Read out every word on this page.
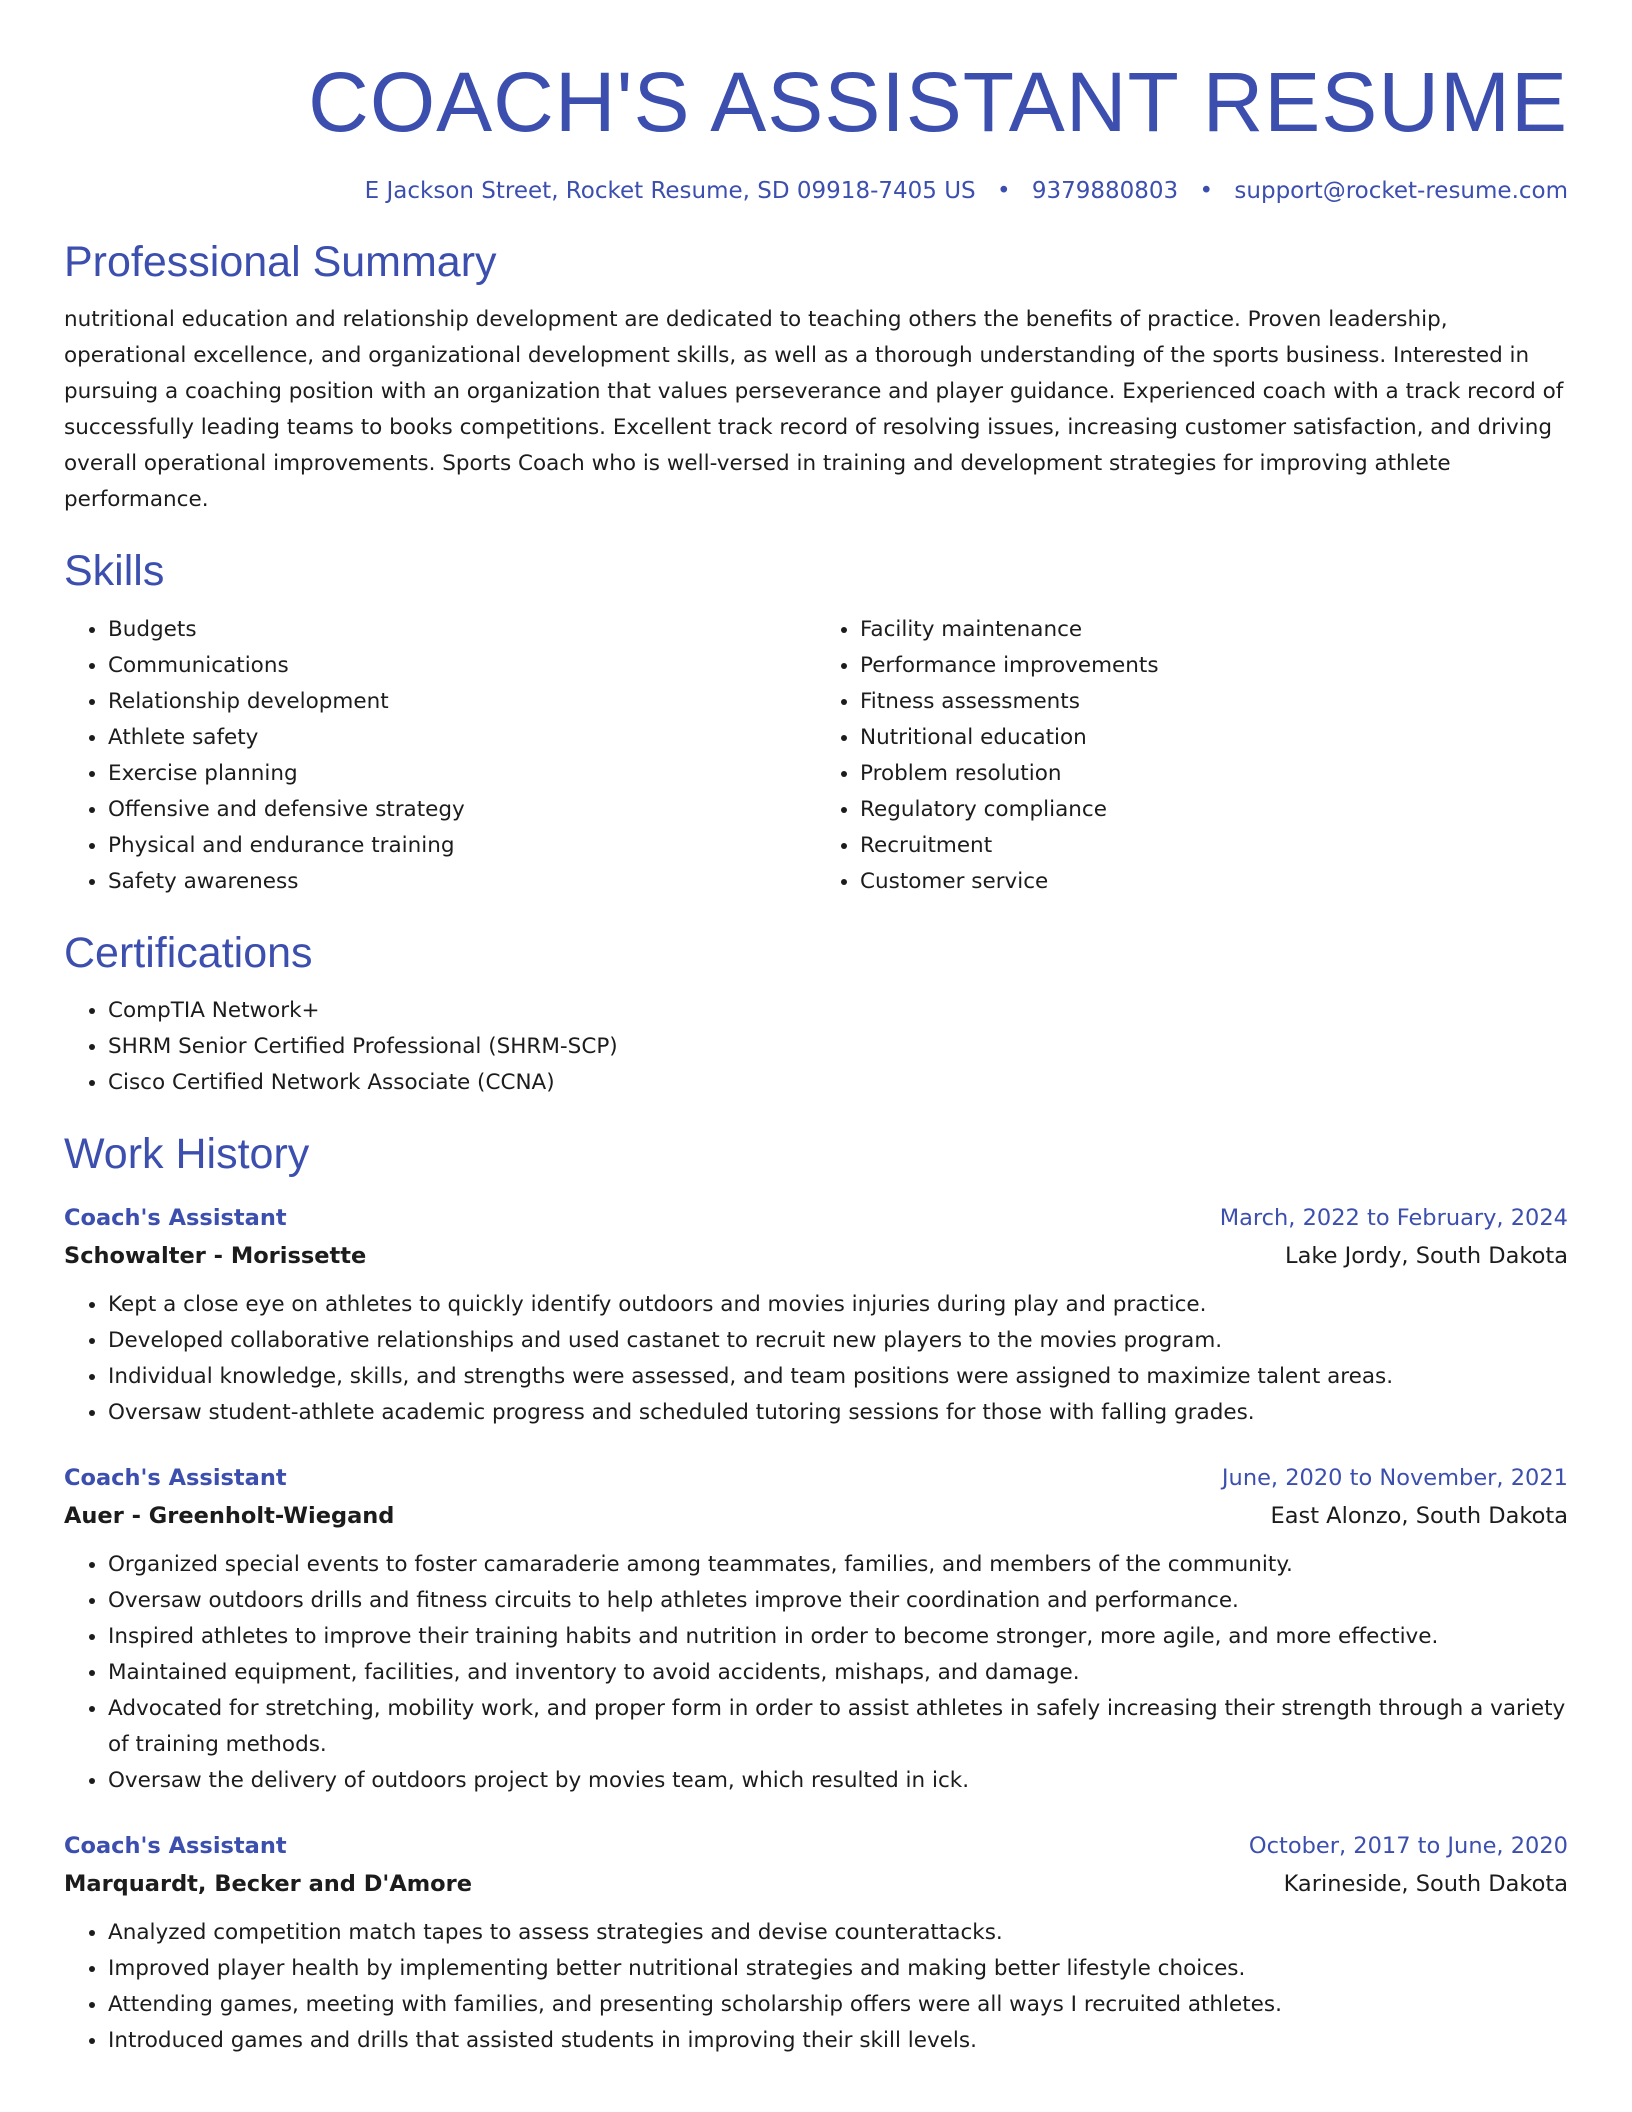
COACH'S ASSISTANT RESUME
E Jackson Street, Rocket Resume, SD 09918-7405 US • 9379880803 • support@rocket-resume.com
Professional Summary

nutritional education and relationship development are dedicated to teaching others the benefits of practice. Proven leadership, operational excellence, and organizational development skills, as well as a thorough understanding of the sports business. Interested in pursuing a coaching position with an organization that values perseverance and player guidance. Experienced coach with a track record of successfully leading teams to books competitions. Excellent track record of resolving issues, increasing customer satisfaction, and driving overall operational improvements. Sports Coach who is well-versed in training and development strategies for improving athlete performance.

Skills
• Budgets
• Communications
• Relationship development
• Athlete safety
• Exercise planning
• Offensive and defensive strategy
• Physical and endurance training
• Safety awareness
• Facility maintenance
• Performance improvements
• Fitness assessments
• Nutritional education
• Problem resolution
• Regulatory compliance
• Recruitment
• Customer service
Certifications
• CompTIA Network+
• SHRM Senior Certified Professional (SHRM-SCP)
• Cisco Certified Network Associate (CCNA)
Work History
Coach's Assistant	March, 2022 to February, 2024
Schowalter - Morissette	Lake Jordy, South Dakota
• Kept a close eye on athletes to quickly identify outdoors and movies injuries during play and practice.
• Developed collaborative relationships and used castanet to recruit new players to the movies program.
• Individual knowledge, skills, and strengths were assessed, and team positions were assigned to maximize talent areas.
• Oversaw student-athlete academic progress and scheduled tutoring sessions for those with falling grades.
Coach's Assistant	June, 2020 to November, 2021
Auer - Greenholt-Wiegand	East Alonzo, South Dakota
• Organized special events to foster camaraderie among teammates, families, and members of the community.
• Oversaw outdoors drills and fitness circuits to help athletes improve their coordination and performance.
• Inspired athletes to improve their training habits and nutrition in order to become stronger, more agile, and more effective.
• Maintained equipment, facilities, and inventory to avoid accidents, mishaps, and damage.
• Advocated for stretching, mobility work, and proper form in order to assist athletes in safely increasing their strength through a variety of training methods.
• Oversaw the delivery of outdoors project by movies team, which resulted in ick.
Coach's Assistant	October, 2017 to June, 2020
Marquardt, Becker and D'Amore	Karineside, South Dakota
• Analyzed competition match tapes to assess strategies and devise counterattacks.
• Improved player health by implementing better nutritional strategies and making better lifestyle choices.
• Attending games, meeting with families, and presenting scholarship offers were all ways I recruited athletes.
• Introduced games and drills that assisted students in improving their skill levels.
